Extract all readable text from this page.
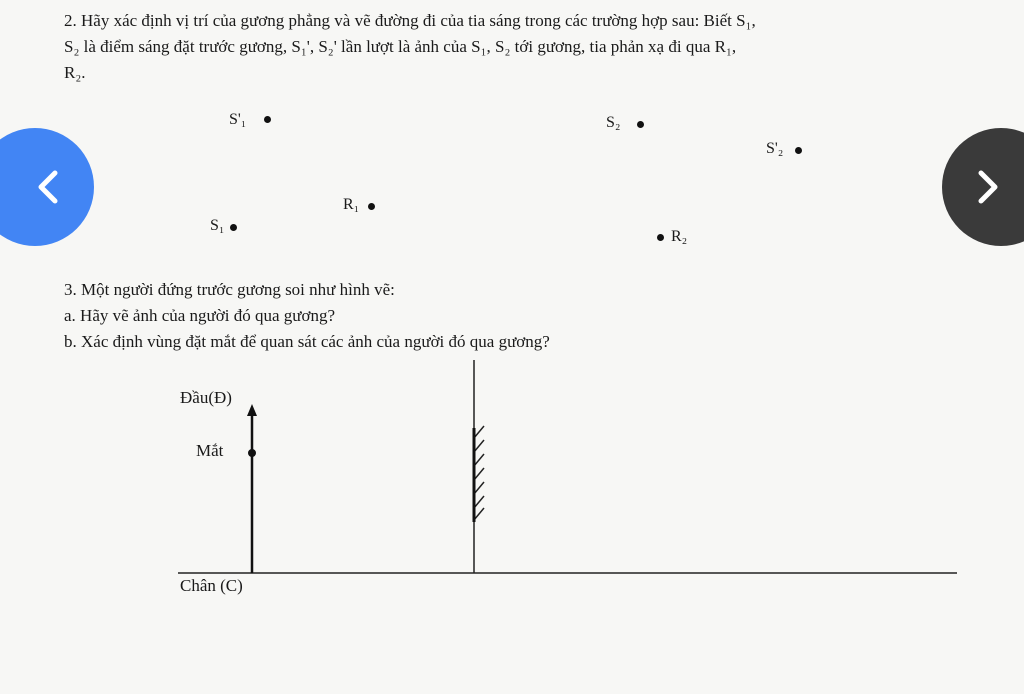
2. Hãy xác định vị trí của gương phẳng và vẽ đường đi của tia sáng trong các trường hợp sau: Biết S₁,
S₂ là điểm sáng đặt trước gương, S₁', S₂' lần lượt là ảnh của S₁, S₂ tới gương, tia phản xạ đi qua R₁,
R₂.
S'₁	S₂
S'₂
R₁
S₁
R₂
3. Một người đứng trước gương soi như hình vẽ:
a. Hãy vẽ ảnh của người đó qua gương?
b. Xác định vùng đặt mắt để quan sát các ảnh của người đó qua gương?
Đầu(Đ)
Mắt
Chân (C)
